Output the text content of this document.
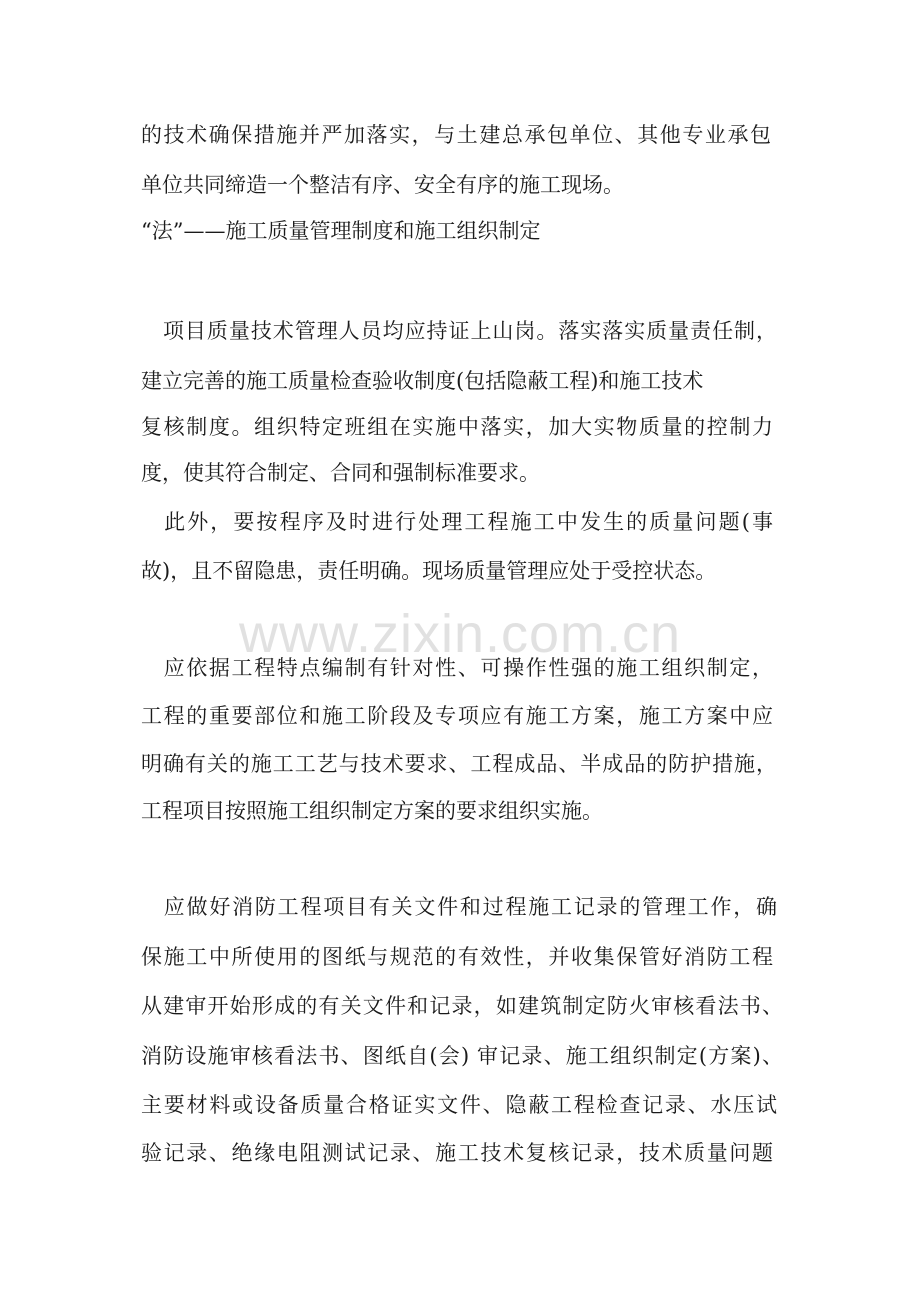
www.zixin.com.cn
的技术确保措施并严加落实，与土建总承包单位、其他专业承包
单位共同缔造一个整洁有序、安全有序的施工现场。
“法”——施工质量管理制度和施工组织制定
　项目质量技术管理人员均应持证上山岗。落实落实质量责任制，
建立完善的施工质量检查验收制度(包括隐蔽工程)和施工技术
复核制度。组织特定班组在实施中落实，加大实物质量的控制力
度，使其符合制定、合同和强制标准要求。
　此外，要按程序及时进行处理工程施工中发生的质量问题(事
故)，且不留隐患，责任明确。现场质量管理应处于受控状态。
　应依据工程特点编制有针对性、可操作性强的施工组织制定，
工程的重要部位和施工阶段及专项应有施工方案，施工方案中应
明确有关的施工工艺与技术要求、工程成品、半成品的防护措施，
工程项目按照施工组织制定方案的要求组织实施。
　应做好消防工程项目有关文件和过程施工记录的管理工作，确
保施工中所使用的图纸与规范的有效性，并收集保管好消防工程
从建审开始形成的有关文件和记录，如建筑制定防火审核看法书、
消防设施审核看法书、图纸自(会) 审记录、施工组织制定(方案)、
主要材料或设备质量合格证实文件、隐蔽工程检查记录、水压试
验记录、绝缘电阻测试记录、施工技术复核记录，技术质量问题
